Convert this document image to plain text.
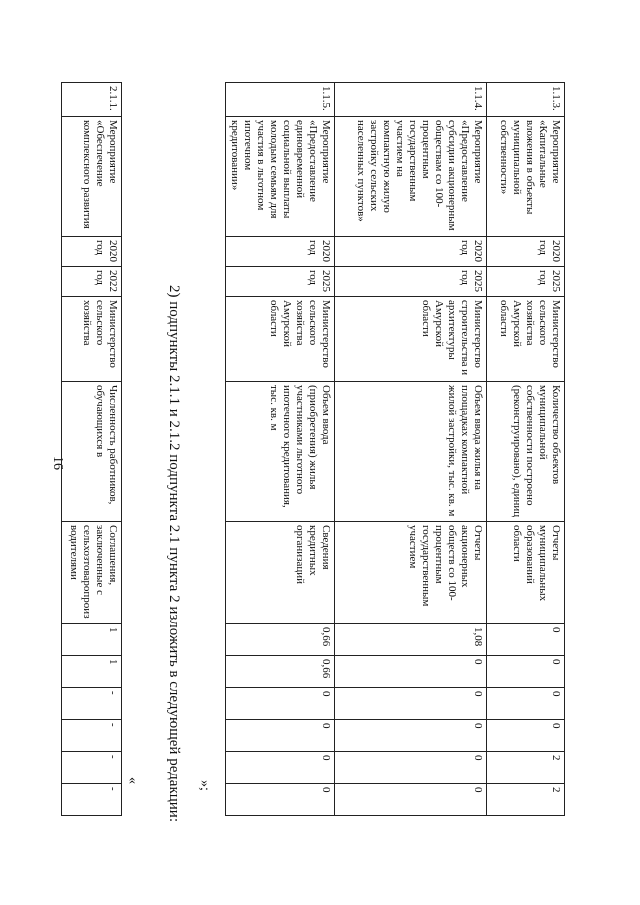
16
1.1.3.	Мероприятие «Капитальные вложения в объекты муниципальной собственности»	2020 год	2025 год	Министерство сельского хозяйства Амурской области	Количество объектов муниципальной собственности построено (реконструировано), единиц	Отчеты муниципальных образований области	0	0	0	0	2	2
1.1.4.	Мероприятие «Предоставление субсидии акционерным обществам со 100-процентным государственным участием на компактную жилую застройку сельских населенных пунктов»	2020 год	2025 год	Министерство строительства и архитектуры Амурской области	Объем ввода жилья на площадках компактной жилой застройки, тыс. кв. м	Отчеты акционерных обществ со 100-процентным государственным участием	1,08	0	0	0	0	0
1.1.5.	Мероприятие «Предоставление единовременной социальной выплаты молодым семьям для участия в льготном ипотечном кредитовании»	2020 год	2025 год	Министерство сельского хозяйства Амурской области	Объем ввода (приобретения) жилья участниками льготного ипотечного кредитования, тыс. кв. м	Сведения кредитных организаций	0,66	0,66	0	0	0	0
»;
2) подпункты 2.1.1 и 2.1.2 подпункта 2.1 пункта 2 изложить в следующей редакции:
«
2.1.1.	Мероприятие «Обеспечение комплексного развития	2020 год	2022 год	Министерство сельского хозяйства	Численность работников, обучающихся в	Соглашения, заключенные с сельхозтоваропроизводителями	1	1	-	-	-	-
